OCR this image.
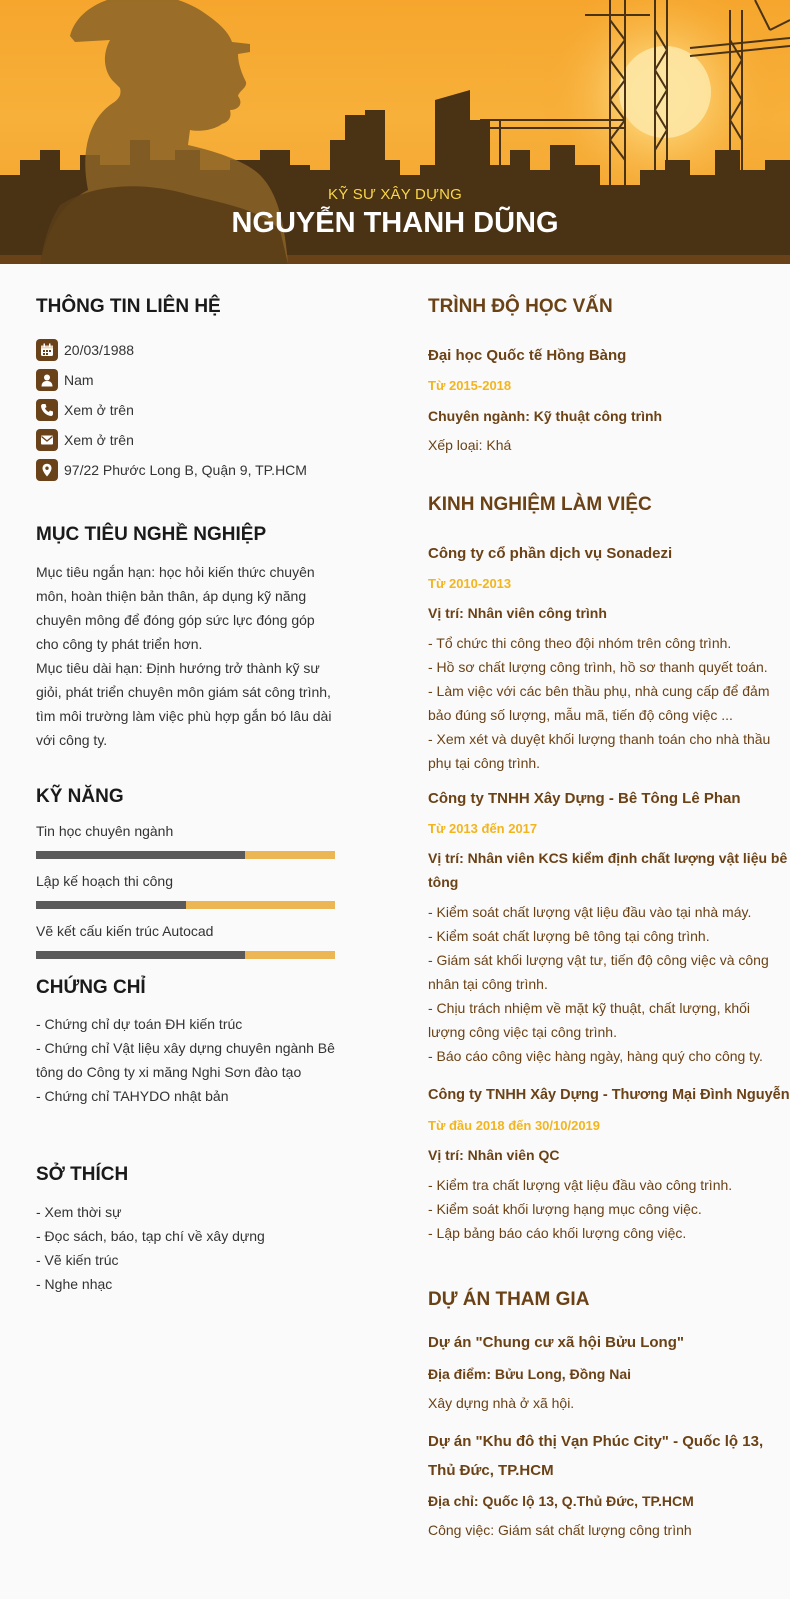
KỸ SƯ XÂY DỰNG
NGUYỄN THANH DŨNG
THÔNG TIN LIÊN HỆ
20/03/1988
Nam
Xem ở trên
Xem ở trên
97/22 Phước Long B, Quận 9, TP.HCM
MỤC TIÊU NGHỀ NGHIỆP

Mục tiêu ngắn hạn: học hỏi kiến thức chuyên môn, hoàn thiện bản thân, áp dụng kỹ năng chuyên mông để đóng góp sức lực đóng góp cho công ty phát triển hơn.

Mục tiêu dài hạn: Định hướng trở thành kỹ sư giỏi, phát triển chuyên môn giám sát công trình, tìm môi trường làm việc phù hợp gắn bó lâu dài với công ty.

KỸ NĂNG
Tin học chuyên ngành
Lập kế hoạch thi công
Vẽ kết cấu kiến trúc Autocad
CHỨNG CHỈ
- Chứng chỉ dự toán ĐH kiến trúc
- Chứng chỉ Vật liệu xây dựng chuyên ngành Bê tông do Công ty xi măng Nghi Sơn đào tạo
- Chứng chỉ TAHYDO nhật bản
SỞ THÍCH
- Xem thời sự
- Đọc sách, báo, tạp chí về xây dựng
- Vẽ kiến trúc
- Nghe nhạc
TRÌNH ĐỘ HỌC VẤN
Đại học Quốc tế Hồng Bàng
Từ 2015-2018
Chuyên ngành: Kỹ thuật công trình
Xếp loại: Khá
KINH NGHIỆM LÀM VIỆC
Công ty cổ phần dịch vụ Sonadezi
Từ 2010-2013
Vị trí: Nhân viên công trình
- Tổ chức thi công theo đội nhóm trên công trình.
- Hồ sơ chất lượng công trình, hồ sơ thanh quyết toán.
- Làm việc với các bên thầu phụ, nhà cung cấp để đảm bảo đúng số lượng, mẫu mã, tiến độ công việc ...
- Xem xét và duyệt khối lượng thanh toán cho nhà thầu phụ tại công trình.
Công ty TNHH Xây Dựng - Bê Tông Lê Phan
Từ 2013 đến 2017
Vị trí: Nhân viên KCS kiểm định chất lượng vật liệu bê tông
- Kiểm soát chất lượng vật liệu đầu vào tại nhà máy.
- Kiểm soát chất lượng bê tông tại công trình.
- Giám sát khối lượng vật tư, tiến độ công việc và công nhân tại công trình.
- Chịu trách nhiệm về mặt kỹ thuật, chất lượng, khối lượng công việc tại công trình.
- Báo cáo công việc hàng ngày, hàng quý cho công ty.
Công ty TNHH Xây Dựng - Thương Mại Đình Nguyễn
Từ đầu 2018 đến 30/10/2019
Vị trí: Nhân viên QC
- Kiểm tra chất lượng vật liệu đầu vào công trình.
- Kiểm soát khối lượng hạng mục công việc.
- Lập bảng báo cáo khối lượng công việc.
DỰ ÁN THAM GIA
Dự án "Chung cư xã hội Bửu Long"
Địa điểm: Bửu Long, Đồng Nai
Xây dựng nhà ở xã hội.
Dự án "Khu đô thị Vạn Phúc City" - Quốc lộ 13, Thủ Đức, TP.HCM
Địa chỉ: Quốc lộ 13, Q.Thủ Đức, TP.HCM
Công việc: Giám sát chất lượng công trình
